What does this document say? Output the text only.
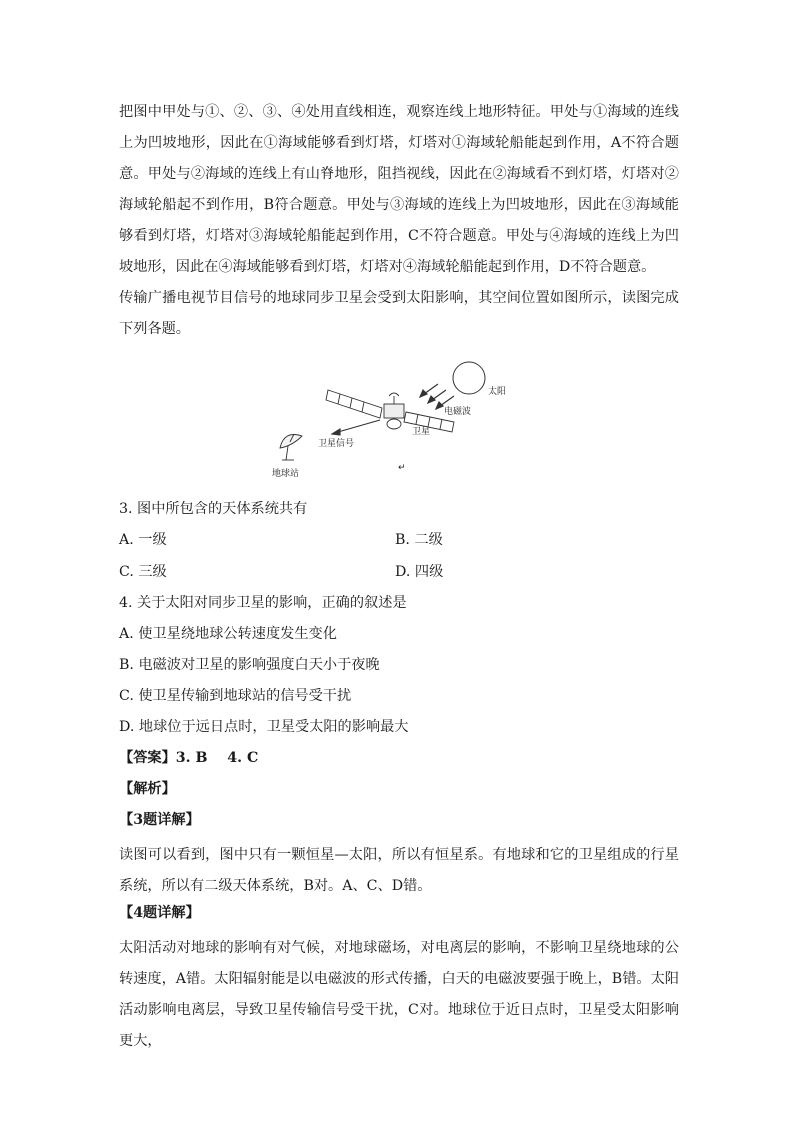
把图中甲处与①、②、③、④处用直线相连，观察连线上地形特征。甲处与①海域的连线上为凹坡地形，因此在①海域能够看到灯塔，灯塔对①海域轮船能起到作用，A不符合题意。甲处与②海域的连线上有山脊地形，阻挡视线，因此在②海域看不到灯塔，灯塔对②海域轮船起不到作用，B符合题意。甲处与③海域的连线上为凹坡地形，因此在③海域能够看到灯塔，灯塔对③海域轮船能起到作用，C不符合题意。甲处与④海域的连线上为凹坡地形，因此在④海域能够看到灯塔，灯塔对④海域轮船能起到作用，D不符合题意。

传输广播电视节目信号的地球同步卫星会受到太阳影响，其空间位置如图所示，读图完成下列各题。

太阳
电磁波
卫星
卫星信号
地球站
↵

3. 图中所包含的天体系统共有

A. 一级	B. 二级

C. 三级	D. 四级

4. 关于太阳对同步卫星的影响，正确的叙述是

A. 使卫星绕地球公转速度发生变化

B. 电磁波对卫星的影响强度白天小于夜晚

C. 使卫星传输到地球站的信号受干扰

D. 地球位于远日点时，卫星受太阳的影响最大

【答案】3. B    4. C

【解析】

【3题详解】

读图可以看到，图中只有一颗恒星—太阳，所以有恒星系。有地球和它的卫星组成的行星系统，所以有二级天体系统，B对。A、C、D错。

【4题详解】

太阳活动对地球的影响有对气候，对地球磁场，对电离层的影响，不影响卫星绕地球的公转速度，A错。太阳辐射能是以电磁波的形式传播，白天的电磁波要强于晚上，B错。太阳活动影响电离层，导致卫星传输信号受干扰，C对。地球位于近日点时，卫星受太阳影响更大，
